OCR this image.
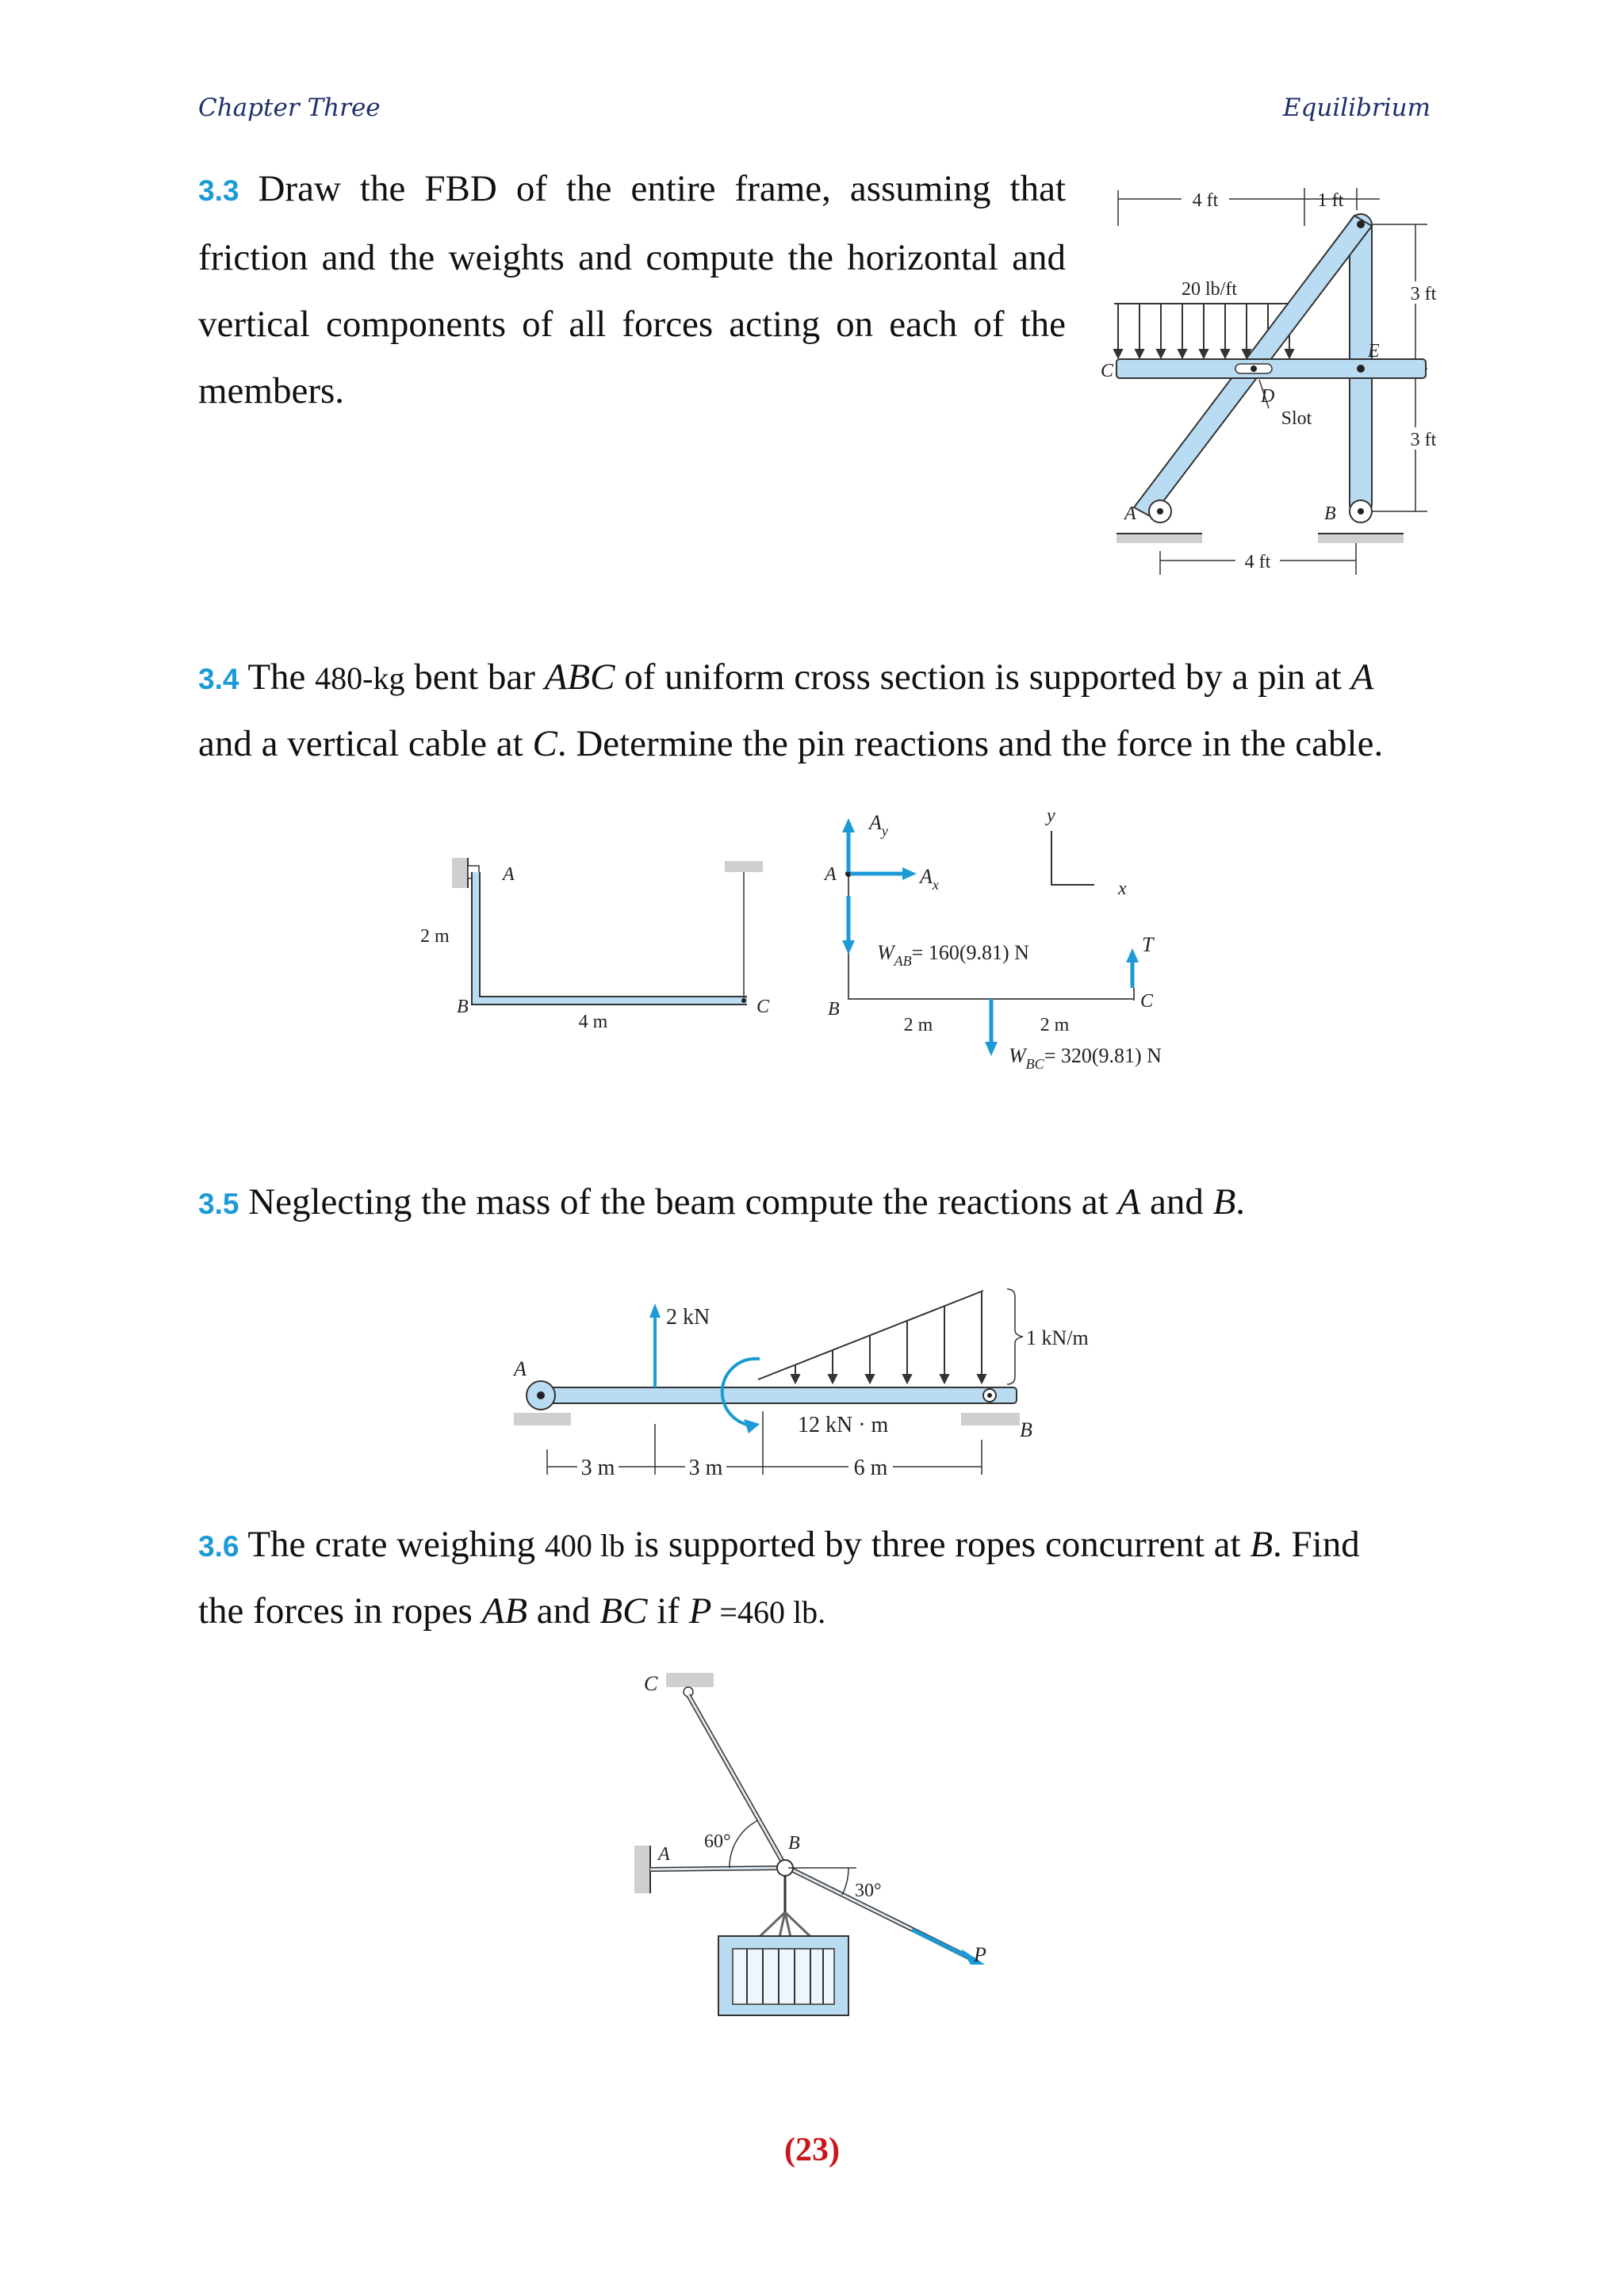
Chapter Three	Equilibrium
3.3 Draw the FBD of the entire frame, assuming that friction and the weights and compute the horizontal and vertical components of all forces acting on each of the members.
4 ft	1 ft
3 ft
3 ft
20 lb/ft
Slot
C
D
E
A	B
4 ft
3.4 The 480-kg bent bar ABC of uniform cross section is supported by a pin at A
and a vertical cable at C. Determine the pin reactions and the force in the cable.
A
2 m
B
4 m
C
$A_y$
$A_x$
A
$W_{AB}= 160(9.81)$ N
B
T
C
2 m	2 m
$W_{BC}= 320(9.81)$ N
y
x
3.5 Neglecting the mass of the beam compute the reactions at A and B.
1 kN/m
2 kN
12 kN · m
A
B
3 m	3 m	6 m
3.6 The crate weighing 400 lb is supported by three ropes concurrent at B. Find
the forces in ropes AB and BC if P =460 lb.
C
A
P
B
60°
30°
(23)
